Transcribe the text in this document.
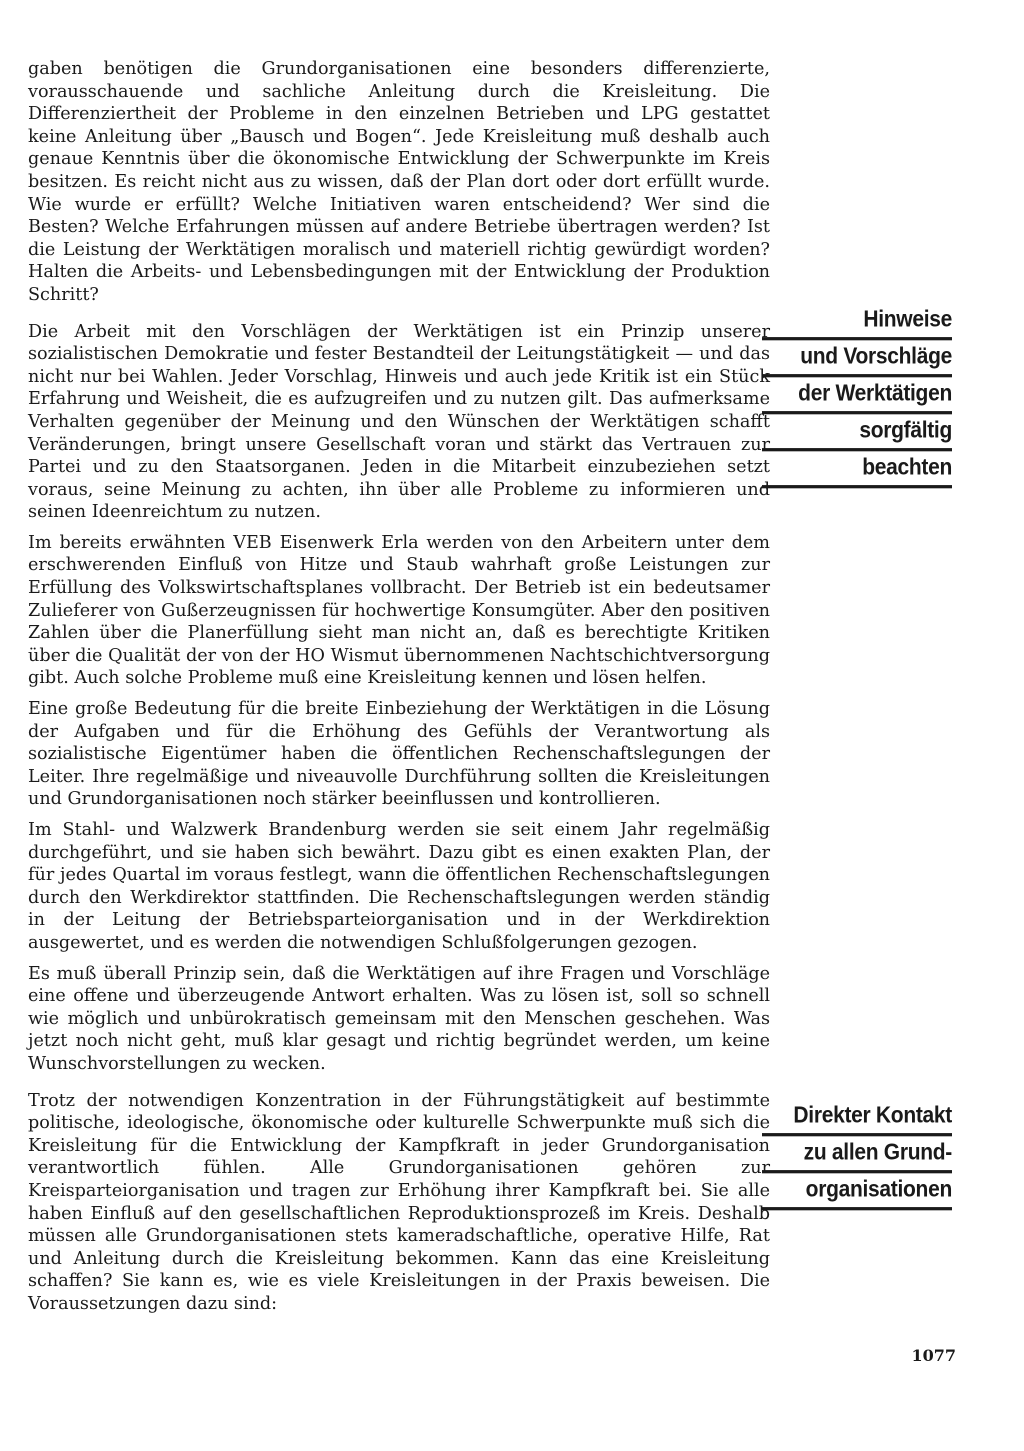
gaben benötigen die Grundorganisationen eine besonders differenzierte, vorausschauende und sachliche Anleitung durch die Kreisleitung. Die Differenziertheit der Probleme in den einzelnen Betrieben und LPG gestattet keine Anleitung über „Bausch und Bogen“. Jede Kreisleitung muß deshalb auch genaue Kenntnis über die ökonomische Entwicklung der Schwerpunkte im Kreis besitzen. Es reicht nicht aus zu wissen, daß der Plan dort oder dort erfüllt wurde. Wie wurde er erfüllt? Welche Initiativen waren entscheidend? Wer sind die Besten? Welche Erfahrungen müssen auf andere Betriebe übertragen werden? Ist die Leistung der Werktätigen moralisch und materiell richtig gewürdigt worden? Halten die Arbeits- und Lebensbedingungen mit der Entwicklung der Produktion Schritt?

Die Arbeit mit den Vorschlägen der Werktätigen ist ein Prinzip unserer sozialistischen Demokratie und fester Bestandteil der Leitungstätigkeit — und das nicht nur bei Wahlen. Jeder Vorschlag, Hinweis und auch jede Kritik ist ein Stück Erfahrung und Weisheit, die es aufzugreifen und zu nutzen gilt. Das aufmerksame Verhalten gegenüber der Meinung und den Wünschen der Werktätigen schafft Veränderungen, bringt unsere Gesellschaft voran und stärkt das Vertrauen zur Partei und zu den Staatsorganen. Jeden in die Mitarbeit einzubeziehen setzt voraus, seine Meinung zu achten, ihn über alle Probleme zu informieren und seinen Ideenreichtum zu nutzen.

Im bereits erwähnten VEB Eisenwerk Erla werden von den Arbeitern unter dem erschwerenden Einfluß von Hitze und Staub wahrhaft große Leistungen zur Erfüllung des Volkswirtschaftsplanes vollbracht. Der Betrieb ist ein bedeutsamer Zulieferer von Gußerzeugnissen für hochwertige Konsumgüter. Aber den positiven Zahlen über die Planerfüllung sieht man nicht an, daß es berechtigte Kritiken über die Qualität der von der HO Wismut übernommenen Nachtschichtversorgung gibt. Auch solche Probleme muß eine Kreisleitung kennen und lösen helfen.

Eine große Bedeutung für die breite Einbeziehung der Werktätigen in die Lösung der Aufgaben und für die Erhöhung des Gefühls der Verantwortung als sozialistische Eigentümer haben die öffentlichen Rechenschaftslegungen der Leiter. Ihre regelmäßige und niveauvolle Durchführung sollten die Kreisleitungen und Grundorganisationen noch stärker beeinflussen und kontrollieren.

Im Stahl- und Walzwerk Brandenburg werden sie seit einem Jahr regelmäßig durchgeführt, und sie haben sich bewährt. Dazu gibt es einen exakten Plan, der für jedes Quartal im voraus festlegt, wann die öffentlichen Rechenschaftslegungen durch den Werkdirektor stattfinden. Die Rechenschaftslegungen werden ständig in der Leitung der Betriebsparteiorganisation und in der Werkdirektion ausgewertet, und es werden die notwendigen Schlußfolgerungen gezogen.

Es muß überall Prinzip sein, daß die Werktätigen auf ihre Fragen und Vorschläge eine offene und überzeugende Antwort erhalten. Was zu lösen ist, soll so schnell wie möglich und unbürokratisch gemeinsam mit den Menschen geschehen. Was jetzt noch nicht geht, muß klar gesagt und richtig begründet werden, um keine Wunschvorstellungen zu wecken.

Trotz der notwendigen Konzentration in der Führungstätigkeit auf bestimmte politische, ideologische, ökonomische oder kulturelle Schwerpunkte muß sich die Kreisleitung für die Entwicklung der Kampfkraft in jeder Grundorganisation verantwortlich fühlen. Alle Grundorganisationen gehören zur Kreisparteiorganisation und tragen zur Erhöhung ihrer Kampfkraft bei. Sie alle haben Einfluß auf den gesellschaftlichen Reproduktionsprozeß im Kreis. Deshalb müssen alle Grundorganisationen stets kameradschaftliche, operative Hilfe, Rat und Anleitung durch die Kreisleitung bekommen. Kann das eine Kreisleitung schaffen? Sie kann es, wie es viele Kreisleitungen in der Praxis beweisen. Die Voraussetzungen dazu sind:

Hinweise
und Vorschläge
der Werktätigen
sorgfältig
beachten
Direkter Kontakt
zu allen Grund-
organisationen
1077
